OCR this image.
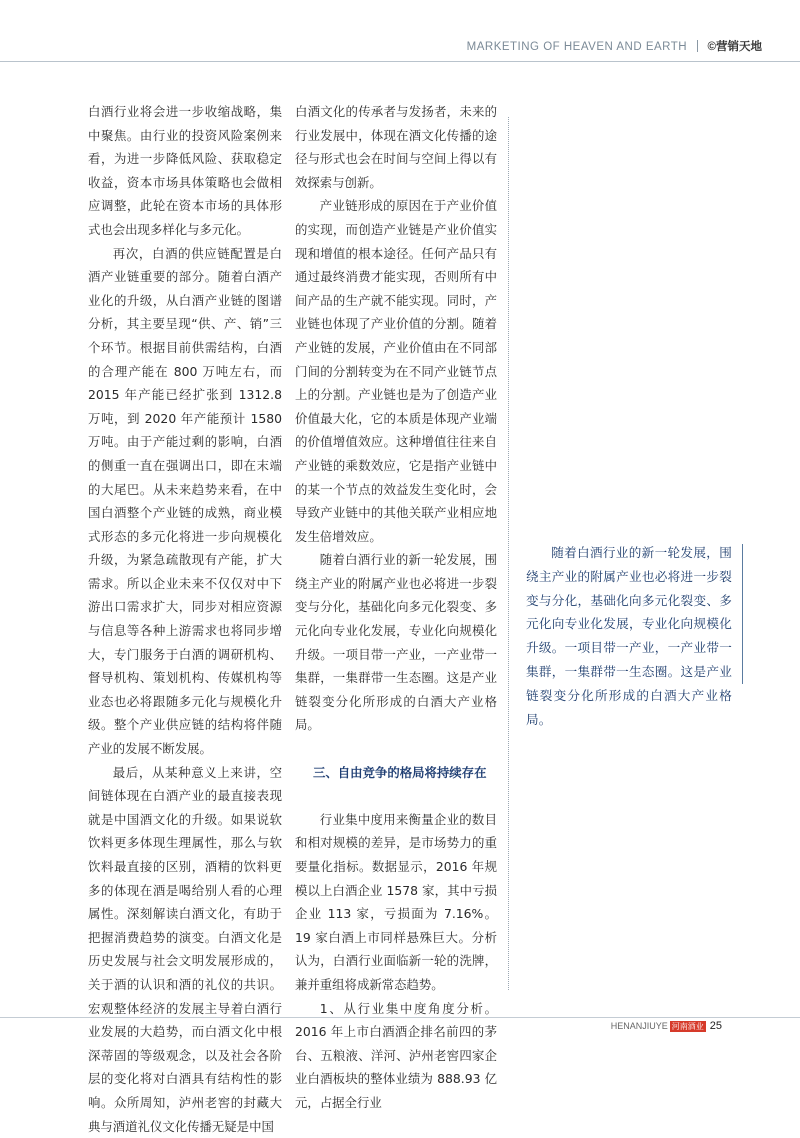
MARKETING OF HEAVEN AND EARTH ©营销天地

白酒行业将会进一步收缩战略，集中聚焦。由行业的投资风险案例来看，为进一步降低风险、获取稳定收益，资本市场具体策略也会做相应调整，此轮在资本市场的具体形式也会出现多样化与多元化。

再次，白酒的供应链配置是白酒产业链重要的部分。随着白酒产业化的升级，从白酒产业链的图谱分析，其主要呈现“供、产、销”三个环节。根据目前供需结构，白酒的合理产能在 800 万吨左右，而 2015 年产能已经扩张到 1312.8 万吨，到 2020 年产能预计 1580 万吨。由于产能过剩的影响，白酒的侧重一直在强调出口，即在末端的大尾巴。从未来趋势来看，在中国白酒整个产业链的成熟，商业模式形态的多元化将进一步向规模化升级，为紧急疏散现有产能，扩大需求。所以企业未来不仅仅对中下游出口需求扩大，同步对相应资源与信息等各种上游需求也将同步增大，专门服务于白酒的调研机构、督导机构、策划机构、传媒机构等业态也必将跟随多元化与规模化升级。整个产业供应链的结构将伴随产业的发展不断发展。

最后，从某种意义上来讲，空间链体现在白酒产业的最直接表现就是中国酒文化的升级。如果说软饮料更多体现生理属性，那么与软饮料最直接的区别，酒精的饮料更多的体现在酒是喝给别人看的心理属性。深刻解读白酒文化，有助于把握消费趋势的演变。白酒文化是历史发展与社会文明发展形成的，关于酒的认识和酒的礼仪的共识。宏观整体经济的发展主导着白酒行业发展的大趋势，而白酒文化中根深蒂固的等级观念，以及社会各阶层的变化将对白酒具有结构性的影响。众所周知，泸州老窖的封藏大典与酒道礼仪文化传播无疑是中国

白酒文化的传承者与发扬者，未来的行业发展中，体现在酒文化传播的途径与形式也会在时间与空间上得以有效探索与创新。

产业链形成的原因在于产业价值的实现，而创造产业链是产业价值实现和增值的根本途径。任何产品只有通过最终消费才能实现，否则所有中间产品的生产就不能实现。同时，产业链也体现了产业价值的分割。随着产业链的发展，产业价值由在不同部门间的分割转变为在不同产业链节点上的分割。产业链也是为了创造产业价值最大化，它的本质是体现产业端的价值增值效应。这种增值往往来自产业链的乘数效应，它是指产业链中的某一个节点的效益发生变化时，会导致产业链中的其他关联产业相应地发生倍增效应。

随着白酒行业的新一轮发展，围绕主产业的附属产业也必将进一步裂变与分化，基础化向多元化裂变、多元化向专业化发展，专业化向规模化升级。一项目带一产业，一产业带一集群，一集群带一生态圈。这是产业链裂变分化所形成的白酒大产业格局。

三、自由竞争的格局将持续存在

行业集中度用来衡量企业的数目和相对规模的差异，是市场势力的重要量化指标。数据显示，2016 年规模以上白酒企业 1578 家，其中亏损企业 113 家，亏损面为 7.16%。19 家白酒上市同样悬殊巨大。分析认为，白酒行业面临新一轮的洗牌，兼并重组将成新常态趋势。

1、从行业集中度角度分析。2016 年上市白酒酒企排名前四的茅台、五粮液、洋河、泸州老窖四家企业白酒板块的整体业绩为 888.93 亿元，占据全行业

随着白酒行业的新一轮发展，围绕主产业的附属产业也必将进一步裂变与分化，基础化向多元化裂变、多元化向专业化发展，专业化向规模化升级。一项目带一产业，一产业带一集群，一集群带一生态圈。这是产业链裂变分化所形成的白酒大产业格局。

HENANJIUYE 河南酒业 25
